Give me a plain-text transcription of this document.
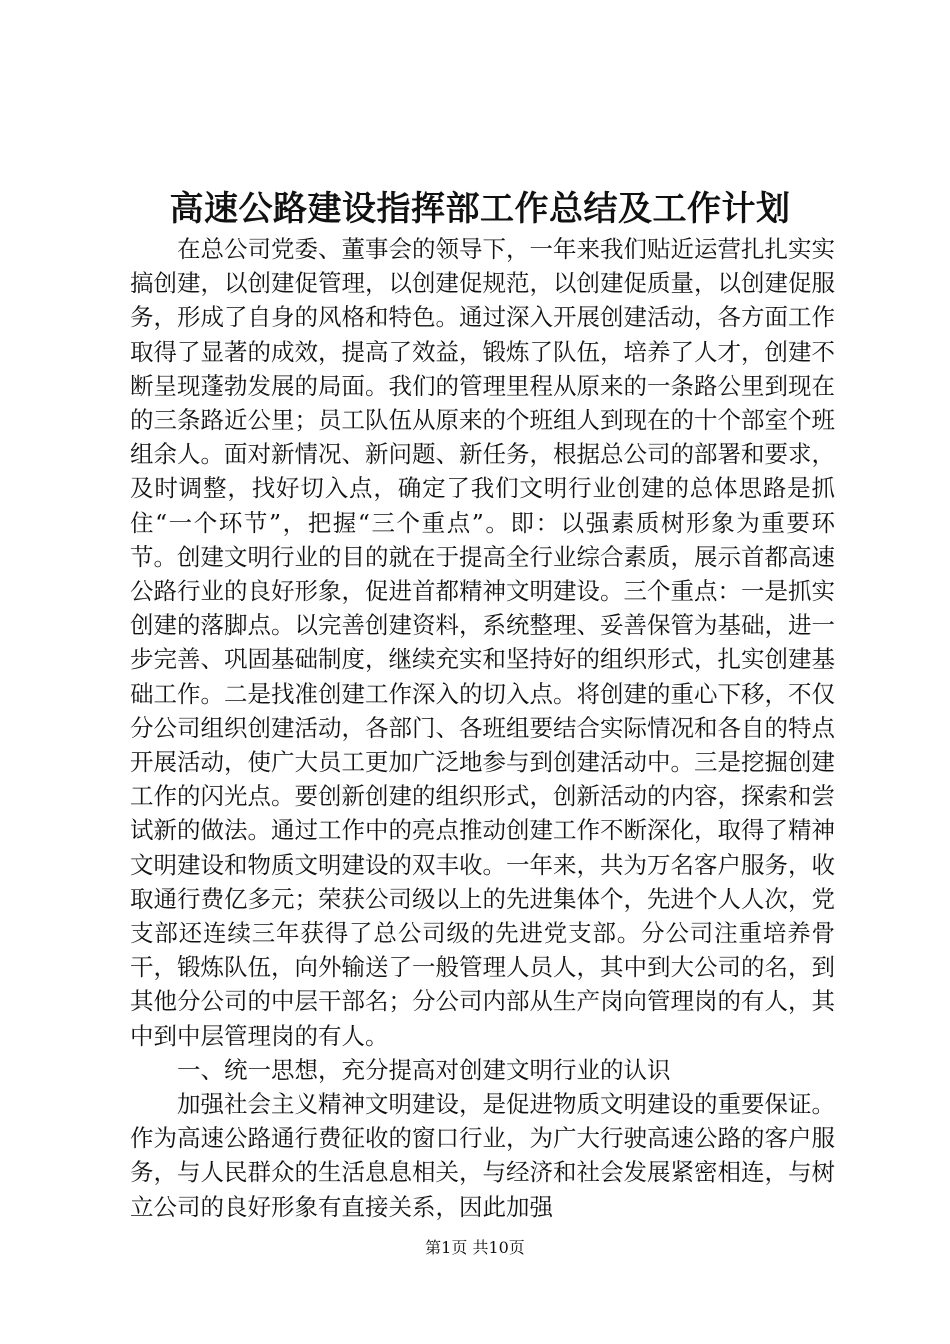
高速公路建设指挥部工作总结及工作计划

在总公司党委、董事会的领导下，一年来我们贴近运营扎扎实实搞创建，以创建促管理，以创建促规范，以创建促质量，以创建促服务，形成了自身的风格和特色。通过深入开展创建活动，各方面工作取得了显著的成效，提高了效益，锻炼了队伍，培养了人才，创建不断呈现蓬勃发展的局面。我们的管理里程从原来的一条路公里到现在的三条路近公里；员工队伍从原来的个班组人到现在的十个部室个班组余人。面对新情况、新问题、新任务，根据总公司的部署和要求，及时调整，找好切入点，确定了我们文明行业创建的总体思路是抓住“一个环节”，把握“三个重点”。即：以强素质树形象为重要环节。创建文明行业的目的就在于提高全行业综合素质，展示首都高速公路行业的良好形象，促进首都精神文明建设。三个重点：一是抓实创建的落脚点。以完善创建资料，系统整理、妥善保管为基础，进一步完善、巩固基础制度，继续充实和坚持好的组织形式，扎实创建基础工作。二是找准创建工作深入的切入点。将创建的重心下移，不仅分公司组织创建活动，各部门、各班组要结合实际情况和各自的特点开展活动，使广大员工更加广泛地参与到创建活动中。三是挖掘创建工作的闪光点。要创新创建的组织形式，创新活动的内容，探索和尝试新的做法。通过工作中的亮点推动创建工作不断深化，取得了精神文明建设和物质文明建设的双丰收。一年来，共为万名客户服务，收取通行费亿多元；荣获公司级以上的先进集体个，先进个人人次，党支部还连续三年获得了总公司级的先进党支部。分公司注重培养骨干，锻炼队伍，向外输送了一般管理人员人，其中到大公司的名，到其他分公司的中层干部名；分公司内部从生产岗向管理岗的有人，其中到中层管理岗的有人。

一、统一思想，充分提高对创建文明行业的认识

加强社会主义精神文明建设，是促进物质文明建设的重要保证。作为高速公路通行费征收的窗口行业，为广大行驶高速公路的客户服务，与人民群众的生活息息相关，与经济和社会发展紧密相连，与树立公司的良好形象有直接关系，因此加强

第1页 共10页
